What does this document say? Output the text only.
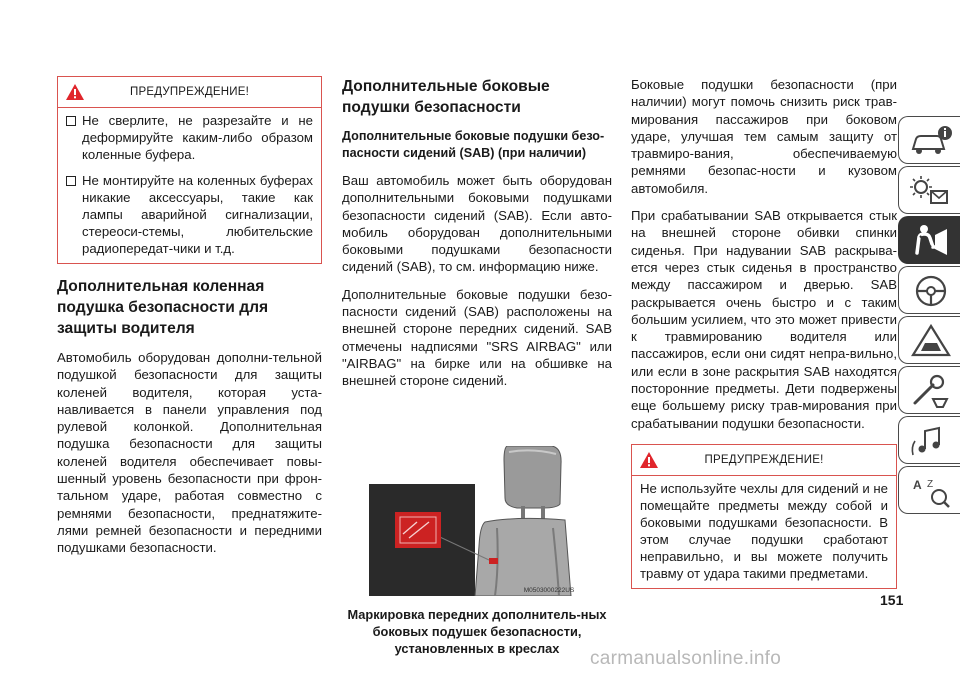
ПРЕДУПРЕЖДЕНИЕ!
Не сверлите, не разрезайте и не деформируйте каким-либо образом коленные буфера.
Не монтируйте на коленных буферах никакие аксессуары, такие как лампы аварийной сигнализации, стереоси-стемы, любительские радиопередат-чики и т.д.
Дополнительная коленная подушка безопасности для защиты водителя

Автомобиль оборудован дополни-тельной подушкой безопасности для защиты коленей водителя, которая уста-навливается в панели управления под рулевой колонкой. Дополнительная подушка безопасности для защиты коленей водителя обеспечивает повы-шенный уровень безопасности при фрон-тальном ударе, работая совместно с ремнями безопасности, преднатяжите-лями ремней безопасности и передними подушками безопасности.

Дополнительные боковые подушки безопасности
Дополнительные боковые подушки безо-пасности сидений (SAB) (при наличии)

Ваш автомобиль может быть оборудован дополнительными боковыми подушками безопасности сидений (SAB). Если авто-мобиль оборудован дополнительными боковыми подушками безопасности сидений (SAB), то см. информацию ниже.

Дополнительные боковые подушки безо-пасности сидений (SAB) расположены на внешней стороне передних сидений. SAB отмечены надписями "SRS AIRBAG" или "AIRBAG" на бирке или на обшивке на внешней стороне сидений.

M0503000222US

Маркировка передних дополнитель-ных боковых подушек безопасности, установленных в креслах

Боковые подушки безопасности (при наличии) могут помочь снизить риск трав-мирования пассажиров при боковом ударе, улучшая тем самым защиту от травмиро-вания, обеспечиваемую ремнями безопас-ности и кузовом автомобиля.

При срабатывании SAB открывается стык на внешней стороне обивки спинки сиденья. При надувании SAB раскрыва-ется через стык сиденья в пространство между пассажиром и дверью. SAB раскрывается очень быстро и с таким большим усилием, что это может привести к травмированию водителя или пассажиров, если они сидят непра-вильно, или если в зоне раскрытия SAB находятся посторонние предметы. Дети подвержены еще большему риску трав-мирования при срабатывании подушки безопасности.

ПРЕДУПРЕЖДЕНИЕ!

Не используйте чехлы для сидений и не помещайте предметы между собой и боковыми подушками безопасности. В этом случае подушки сработают неправильно, и вы можете получить травму от удара такими предметами.

A Z
151
carmanualsonline.info
